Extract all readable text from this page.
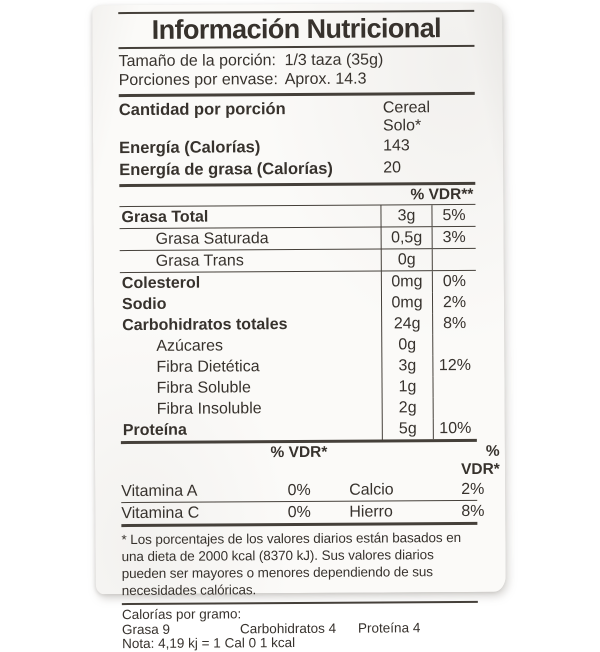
Información Nutricional
Tamaño de la porción: 1/3 taza (35g)
Porciones por envase: Aprox. 14.3
Cantidad por porción	Cereal
Solo*
Energía (Calorías)	143
Energía de grasa (Calorías)	20
% VDR**
Grasa Total	3g	5%
Grasa Saturada	0,5g	3%
Grasa Trans	0g
Colesterol	0mg	0%
Sodio	0mg	2%
Carbohidratos totales	24g	8%
Azúcares	0g
Fibra Dietética	3g	12%
Fibra Soluble	1g
Fibra Insoluble	2g
Proteína	5g	10%
% VDR*	% VDR*
Vitamina A	0%	Calcio	2%
Vitamina C	0%	Hierro	8%
* Los porcentajes de los valores diarios están basados en una dieta de 2000 kcal (8370 kJ). Sus valores diarios pueden ser mayores o menores dependiendo de sus necesidades calóricas.
Calorías por gramo:
Grasa 9	Carbohidratos 4	Proteína 4
Nota: 4,19 kj = 1 Cal 0 1 kcal
